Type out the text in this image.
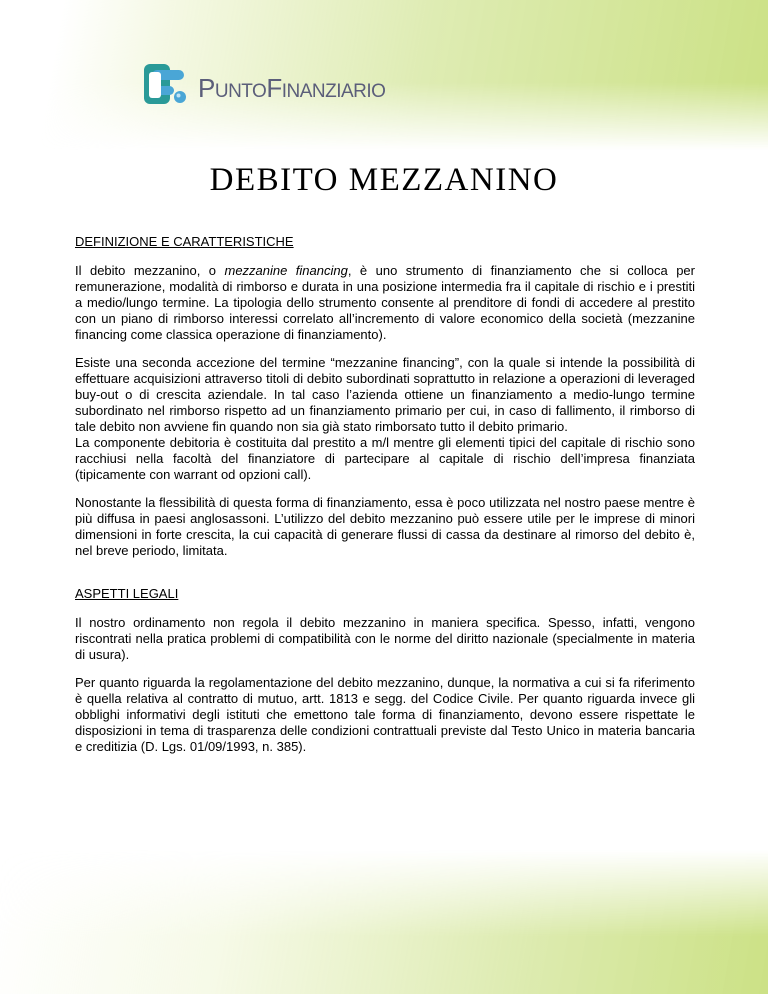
PUNTOFINANZIARIO
DEBITO MEZZANINO

DEFINIZIONE E CARATTERISTICHE

Il debito mezzanino, o mezzanine financing, è uno strumento di finanziamento che si colloca per remunerazione, modalità di rimborso e durata in una posizione intermedia fra il capitale di rischio e i prestiti a medio/lungo termine. La tipologia dello strumento consente al prenditore di fondi di accedere al prestito con un piano di rimborso interessi correlato all’incremento di valore economico della società (mezzanine financing come classica operazione di finanziamento).

Esiste una seconda accezione del termine “mezzanine financing”, con la quale si intende la possibilità di effettuare acquisizioni attraverso titoli di debito subordinati soprattutto in relazione a operazioni di leveraged buy-out o di crescita aziendale. In tal caso l’azienda ottiene un finanziamento a medio-lungo termine subordinato nel rimborso rispetto ad un finanziamento primario per cui, in caso di fallimento, il rimborso di tale debito non avviene fin quando non sia già stato rimborsato tutto il debito primario.

La componente debitoria è costituita dal prestito a m/l mentre gli elementi tipici del capitale di rischio sono racchiusi nella facoltà del finanziatore di partecipare al capitale di rischio dell’impresa finanziata (tipicamente con warrant od opzioni call).

Nonostante la flessibilità di questa forma di finanziamento, essa è poco utilizzata nel nostro paese mentre è più diffusa in paesi anglosassoni. L’utilizzo del debito mezzanino può essere utile per le imprese di minori dimensioni in forte crescita, la cui capacità di generare flussi di cassa da destinare al rimorso del debito è, nel breve periodo, limitata.

ASPETTI LEGALI

Il nostro ordinamento non regola il debito mezzanino in maniera specifica. Spesso, infatti, vengono riscontrati nella pratica problemi di compatibilità con le norme del diritto nazionale (specialmente in materia di usura).

Per quanto riguarda la regolamentazione del debito mezzanino, dunque, la normativa a cui si fa riferimento è quella relativa al contratto di mutuo, artt. 1813 e segg. del Codice Civile. Per quanto riguarda invece gli obblighi informativi degli istituti che emettono tale forma di finanziamento, devono essere rispettate le disposizioni in tema di trasparenza delle condizioni contrattuali previste dal Testo Unico in materia bancaria e creditizia (D. Lgs. 01/09/1993, n. 385).
